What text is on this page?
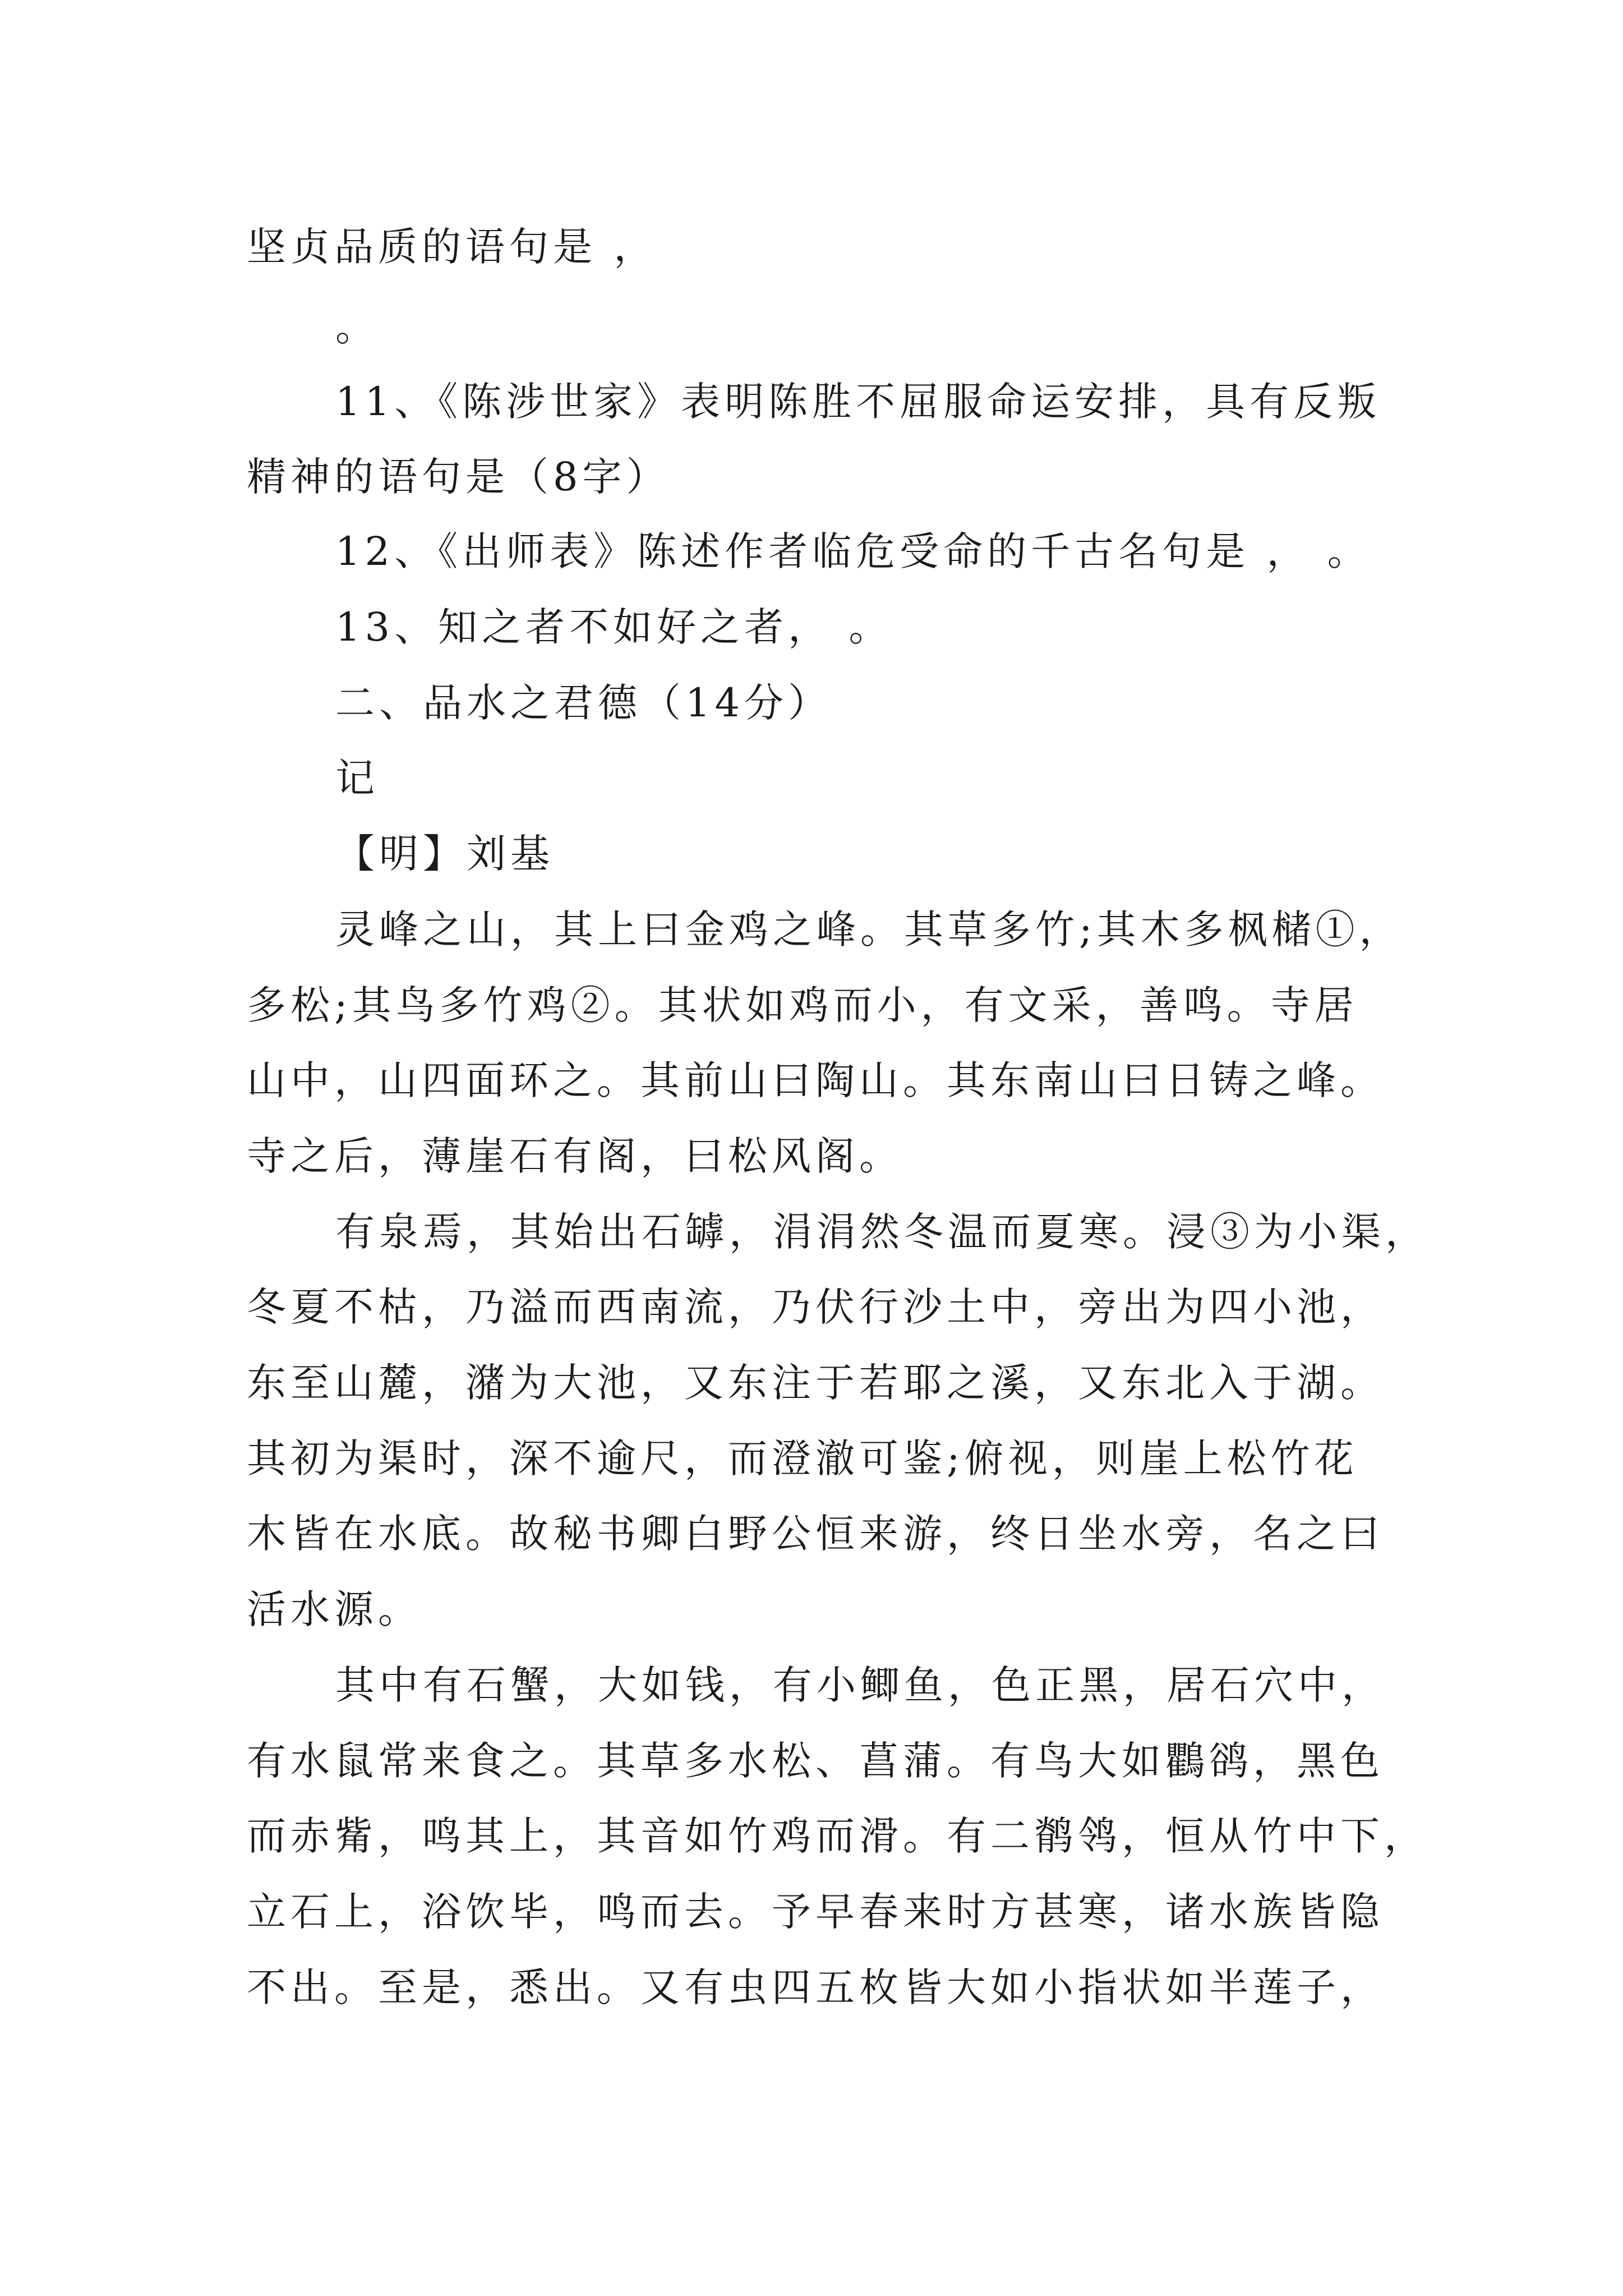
坚贞品质的语句是 ，
。
11、《陈涉世家》表明陈胜不屈服命运安排，具有反叛
精神的语句是（8字）
12、《出师表》陈述作者临危受命的千古名句是 ， 。
13、知之者不如好之者， 。
二、品水之君德（14分）
记
【明】刘基
灵峰之山，其上曰金鸡之峰。其草多竹;其木多枫槠①，
多松;其鸟多竹鸡②。其状如鸡而小，有文采，善鸣。寺居
山中，山四面环之。其前山曰陶山。其东南山曰日铸之峰。
寺之后，薄崖石有阁，曰松风阁。
有泉焉，其始出石罅，涓涓然冬温而夏寒。浸③为小渠，
冬夏不枯，乃溢而西南流，乃伏行沙土中，旁出为四小池，
东至山麓，潴为大池，又东注于若耶之溪，又东北入于湖。
其初为渠时，深不逾尺，而澄澈可鉴;俯视，则崖上松竹花
木皆在水底。故秘书卿白野公恒来游，终日坐水旁，名之曰
活水源。
其中有石蟹，大如钱，有小鲫鱼，色正黑，居石穴中，
有水鼠常来食之。其草多水松、菖蒲。有鸟大如鸜鹆，黑色
而赤觜，鸣其上，其音如竹鸡而滑。有二鹡鸰，恒从竹中下，
立石上，浴饮毕，鸣而去。予早春来时方甚寒，诸水族皆隐
不出。至是，悉出。又有虫四五枚皆大如小指状如半莲子，
